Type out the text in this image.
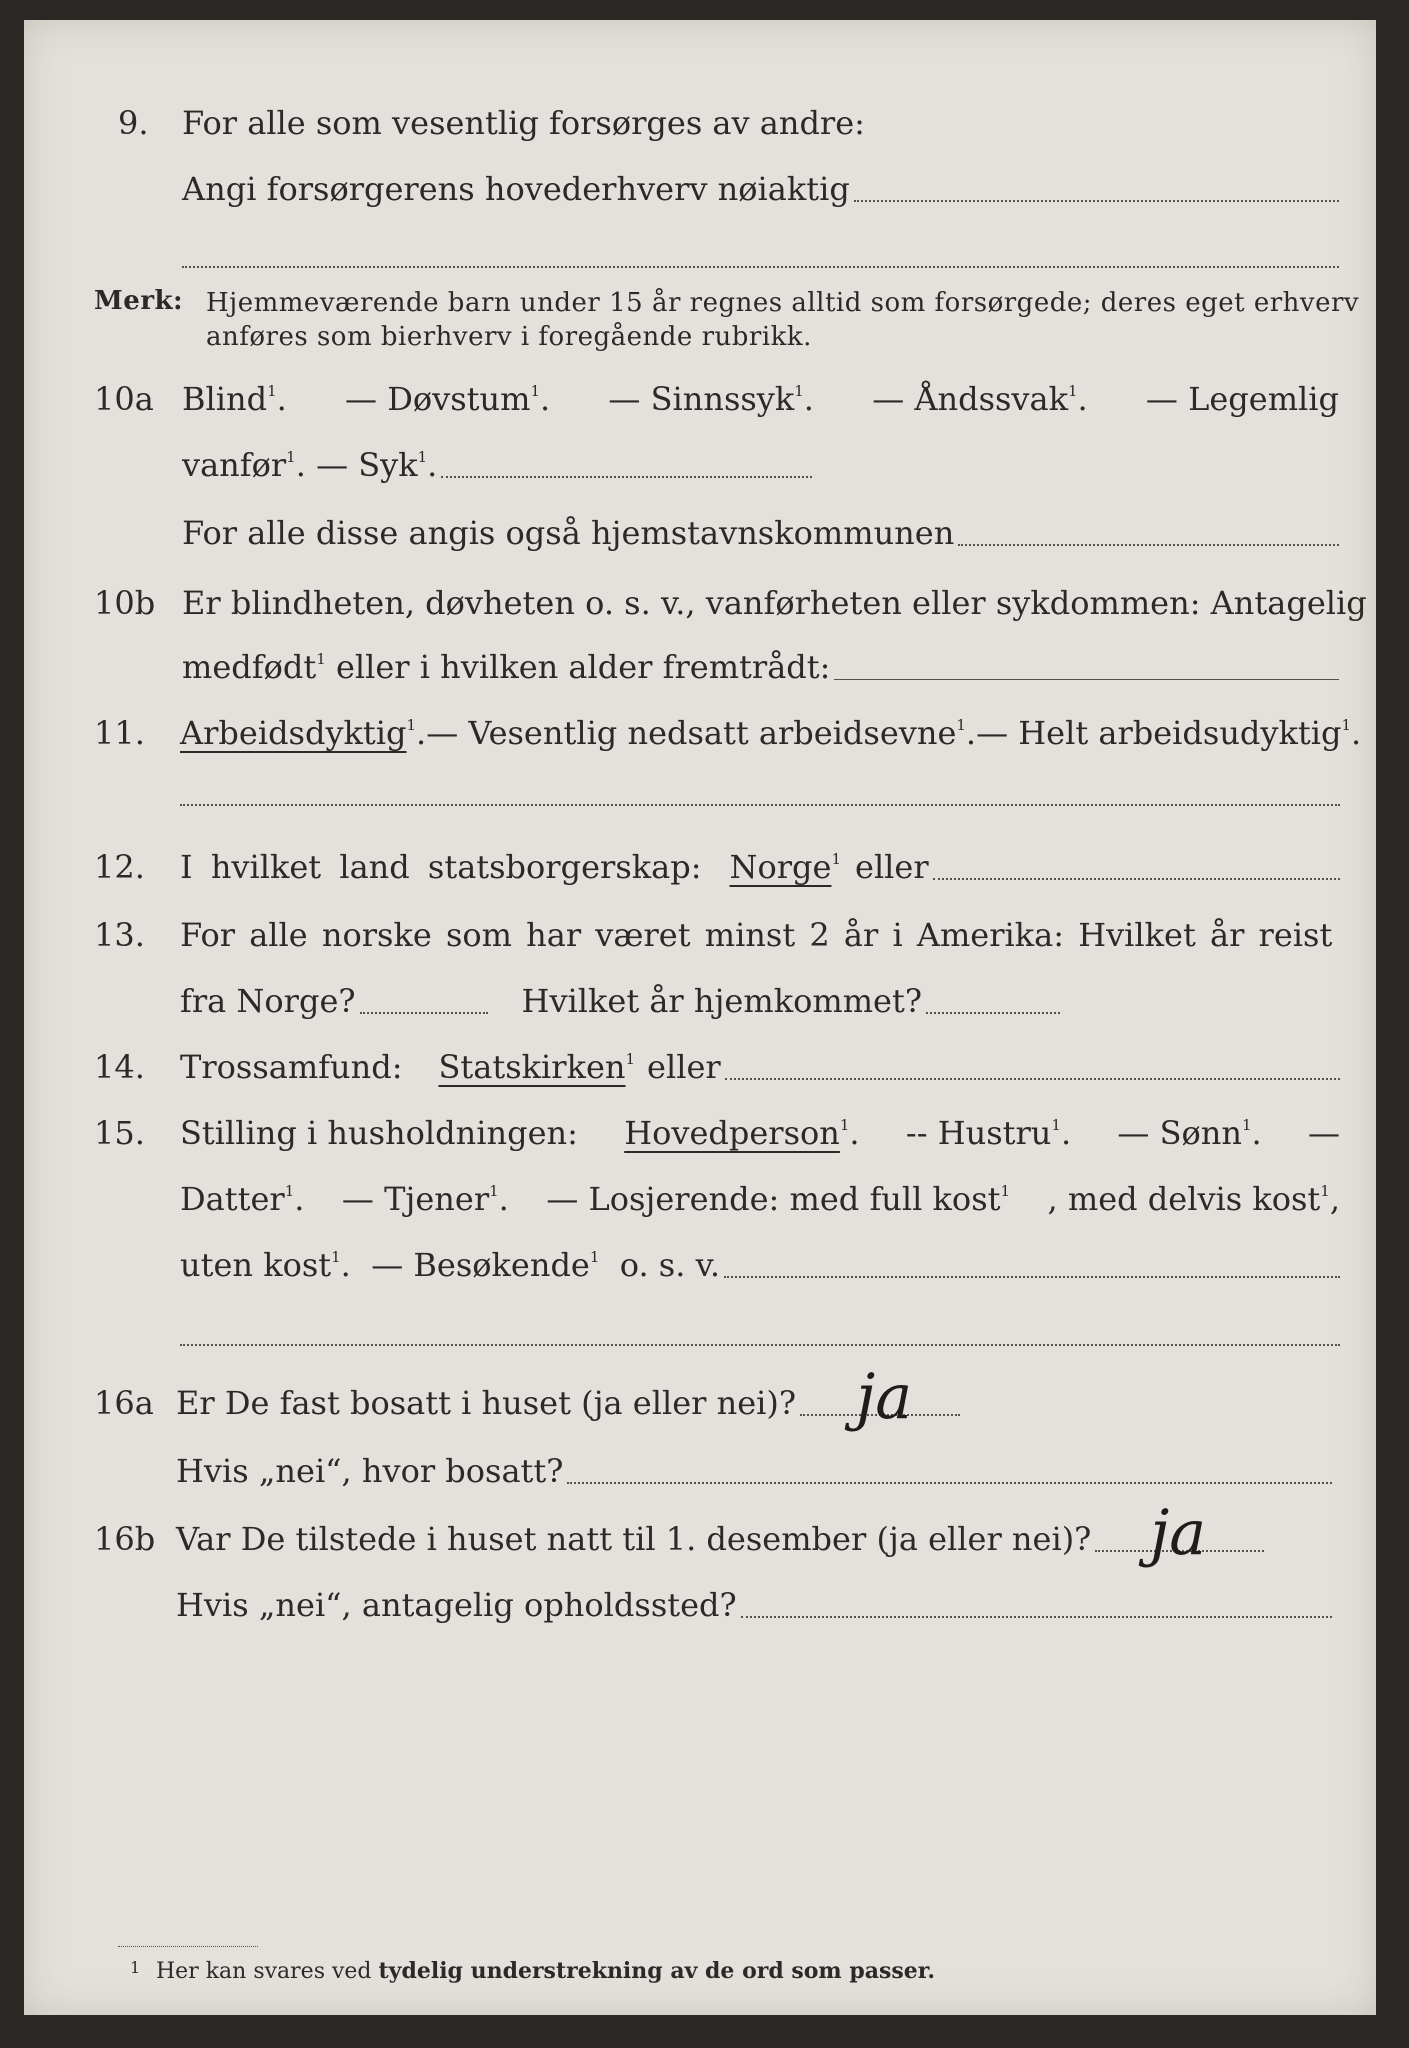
9. For alle som vesentlig forsørges av andre:
Angi forsørgerens hovederhverv nøiaktig
Merk: Hjemmeværende barn under 15 år regnes alltid som forsørgede; deres eget erhverv
anføres som bierhverv i foregående rubrikk.
10a Blind$^1$. — Døvstum$^1$. — Sinnssyk$^1$. — Åndssvak$^1$. — Legemlig
vanfør$^1$. — Syk$^1$.
For alle disse angis også hjemstavnskommunen
10b Er blindheten, døvheten o. s. v., vanførheten eller sykdommen: Antagelig
medfødt$^1$ eller i hvilken alder fremtrådt:
11. Arbeidsdyktig$^1$. — Vesentlig nedsatt arbeidsevne$^1$. — Helt arbeidsudyktig$^1$.
12. I hvilket land statsborgerskap: Norge$^1$ eller
13. For alle norske som har været minst 2 år i Amerika: Hvilket år reist
fra Norge?	Hvilket år hjemkommet?
14. Trossamfund: Statskirken$^1$ eller
15. Stilling i husholdningen: Hovedperson$^1$. -- Hustru$^1$. — Sønn$^1$. —
Datter$^1$. — Tjener$^1$. — Losjerende: med full kost$^1$ , med delvis kost$^1$,
uten kost$^1$. — Besøkende$^1$ o. s. v.
16a Er De fast bosatt i huset (ja eller nei)? ja
Hvis „nei“, hvor bosatt?
16b Var De tilstede i huset natt til 1. desember (ja eller nei)? ja
Hvis „nei“, antagelig opholdssted?
1 Her kan svares ved tydelig understrekning av de ord som passer.
